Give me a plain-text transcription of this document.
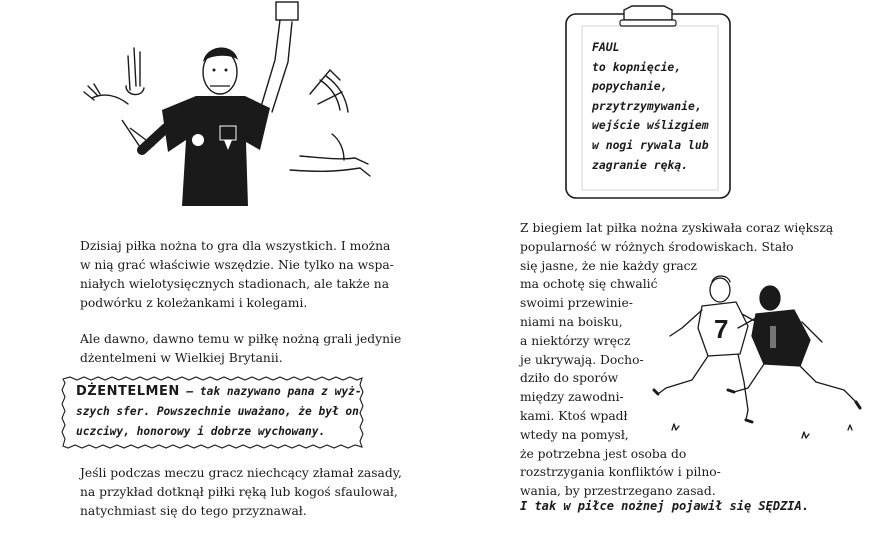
Dzisiaj piłka nożna to gra dla wszystkich. I można
w nią grać właściwie wszędzie. Nie tylko na wspa-
niałych wielotysięcznych stadionach, ale także na
podwórku z koleżankami i kolegami.

Ale dawno, dawno temu w piłkę nożną grali jedynie
dżentelmeni w Wielkiej Brytanii.

DŻENTELMEN – tak nazywano pana z wyż-
szych sfer. Powszechnie uważano, że był on
uczciwy, honorowy i dobrze wychowany.

Jeśli podczas meczu gracz niechcący złamał zasady,
na przykład dotknął piłki ręką lub kogoś sfaulował,
natychmiast się do tego przyznawał.

FAUL
to kopnięcie,
popychanie,
przytrzymywanie,
wejście wślizgiem
w nogi rywala lub
zagranie ręką.

Z biegiem lat piłka nożna zyskiwała coraz większą
popularność w różnych środowiskach. Stało
się jasne, że nie każdy gracz
ma ochotę się chwalić
swoimi przewinie-
niami na boisku,
a niektórzy wręcz
je ukrywają. Docho-
dziło do sporów
między zawodni-
kami. Ktoś wpadł
wtedy na pomysł,
że potrzebna jest osoba do
rozstrzygania konfliktów i pilno-
wania, by przestrzegano zasad.

7
I tak w piłce nożnej pojawił się SĘDZIA.
